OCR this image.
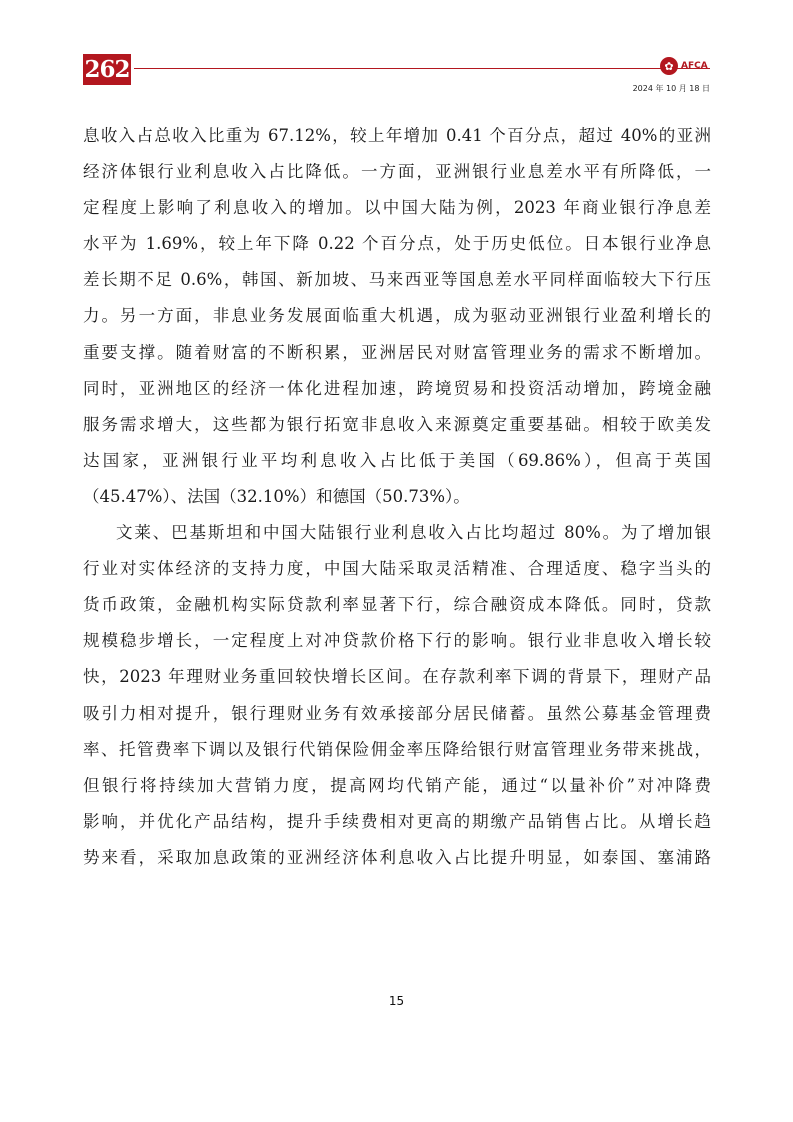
262	✿ AFCA
2024 年 10 月 18 日
息收入占总收入比重为 67.12%，较上年增加 0.41 个百分点，超过 40%的亚洲
经济体银行业利息收入占比降低。一方面，亚洲银行业息差水平有所降低，一
定程度上影响了利息收入的增加。以中国大陆为例，2023 年商业银行净息差
水平为 1.69%，较上年下降 0.22 个百分点，处于历史低位。日本银行业净息
差长期不足 0.6%，韩国、新加坡、马来西亚等国息差水平同样面临较大下行压
力。另一方面，非息业务发展面临重大机遇，成为驱动亚洲银行业盈利增长的
重要支撑。随着财富的不断积累，亚洲居民对财富管理业务的需求不断增加。
同时，亚洲地区的经济一体化进程加速，跨境贸易和投资活动增加，跨境金融
服务需求增大，这些都为银行拓宽非息收入来源奠定重要基础。相较于欧美发
达国家，亚洲银行业平均利息收入占比低于美国（69.86%），但高于英国
（45.47%）、法国（32.10%）和德国（50.73%）。
文莱、巴基斯坦和中国大陆银行业利息收入占比均超过 80%。为了增加银
行业对实体经济的支持力度，中国大陆采取灵活精准、合理适度、稳字当头的
货币政策，金融机构实际贷款利率显著下行，综合融资成本降低。同时，贷款
规模稳步增长，一定程度上对冲贷款价格下行的影响。银行业非息收入增长较
快，2023 年理财业务重回较快增长区间。在存款利率下调的背景下，理财产品
吸引力相对提升，银行理财业务有效承接部分居民储蓄。虽然公募基金管理费
率、托管费率下调以及银行代销保险佣金率压降给银行财富管理业务带来挑战，
但银行将持续加大营销力度，提高网均代销产能，通过“以量补价”对冲降费
影响，并优化产品结构，提升手续费相对更高的期缴产品销售占比。从增长趋
势来看，采取加息政策的亚洲经济体利息收入占比提升明显，如泰国、塞浦路
15
